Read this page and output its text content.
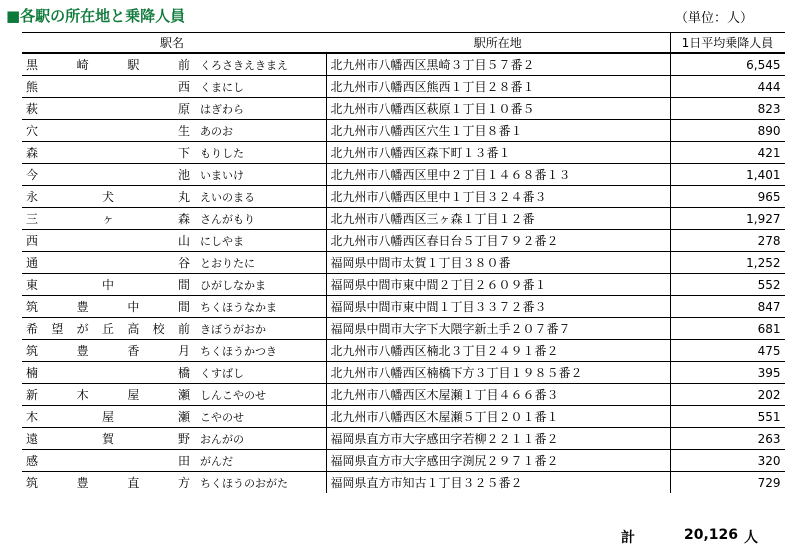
■各駅の所在地と乗降人員	（単位：人）
駅名		駅所在地	1日平均乗降人員
黒崎駅前	くろさきえきまえ	北九州市八幡西区黒崎３丁目５７番２	6,545
熊西	くまにし	北九州市八幡西区熊西１丁目２８番１	444
萩原	はぎわら	北九州市八幡西区萩原１丁目１０番５	823
穴生	あのお	北九州市八幡西区穴生１丁目８番１	890
森下	もりした	北九州市八幡西区森下町１３番１	421
今池	いまいけ	北九州市八幡西区里中２丁目１４６８番１３	1,401
永犬丸	えいのまる	北九州市八幡西区里中１丁目３２４番３	965
三ヶ森	さんがもり	北九州市八幡西区三ヶ森１丁目１２番	1,927
西山	にしやま	北九州市八幡西区春日台５丁目７９２番２	278
通谷	とおりたに	福岡県中間市太賀１丁目３８０番	1,252
東中間	ひがしなかま	福岡県中間市東中間２丁目２６０９番１	552
筑豊中間	ちくほうなかま	福岡県中間市東中間１丁目３３７２番３	847
希望が丘高校前	きぼうがおか	福岡県中間市大字下大隈字新土手２０７番７	681
筑豊香月	ちくほうかつき	北九州市八幡西区楠北３丁目２４９１番２	475
楠橋	くすばし	北九州市八幡西区楠橋下方３丁目１９８５番２	395
新木屋瀬	しんこやのせ	北九州市八幡西区木屋瀬１丁目４６６番３	202
木屋瀬	こやのせ	北九州市八幡西区木屋瀬５丁目２０１番１	551
遠賀野	おんがの	福岡県直方市大字感田字若柳２２１１番２	263
感田	がんだ	福岡県直方市大字感田字渕尻２９７１番２	320
筑豊直方	ちくほうのおがた	福岡県直方市知古１丁目３２５番２	729
計	20,126 人
